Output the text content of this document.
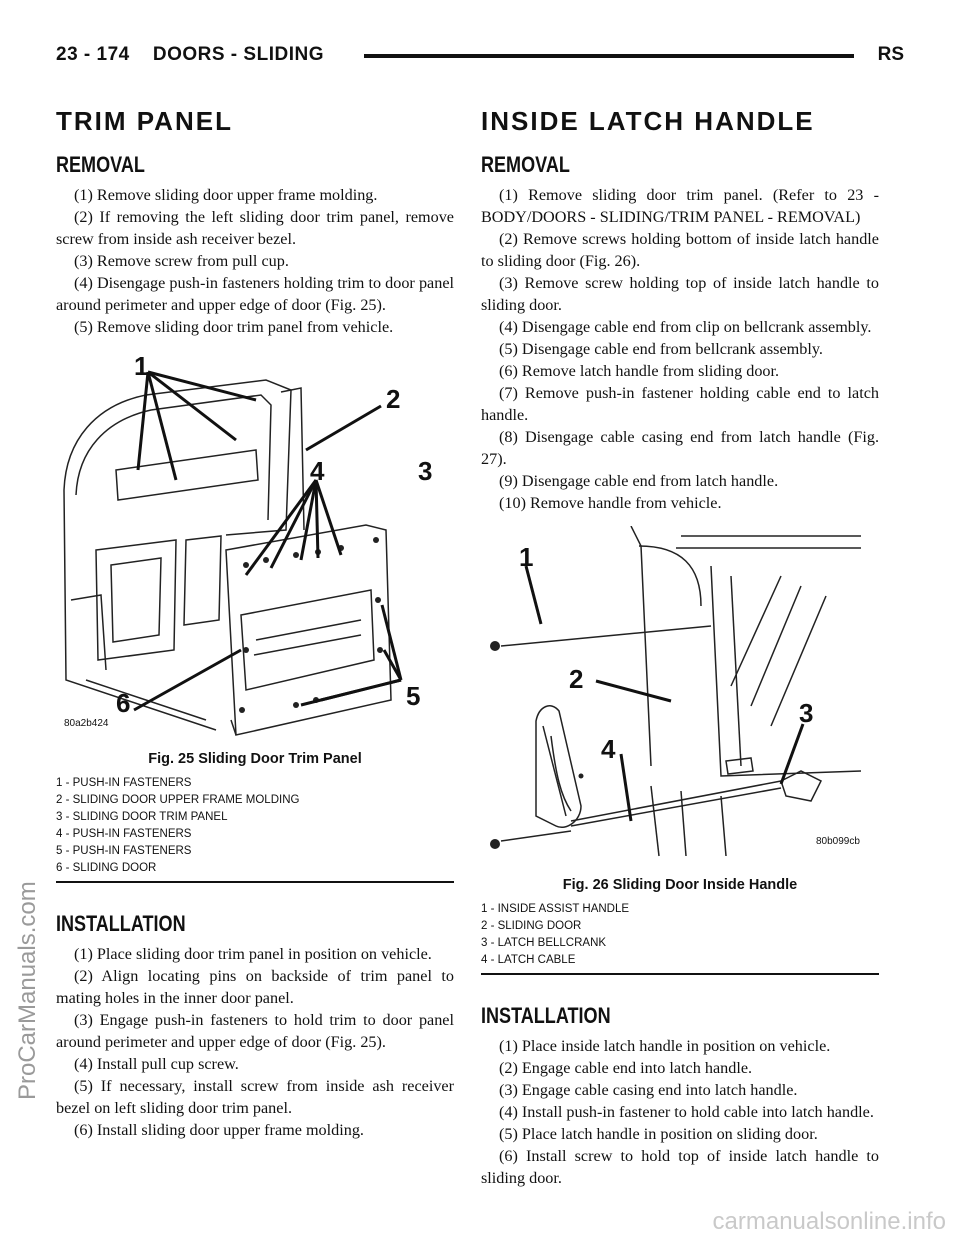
23 - 174 DOORS - SLIDING	RS
TRIM PANEL
REMOVAL

(1) Remove sliding door upper frame molding.

(2) If removing the left sliding door trim panel, remove screw from inside ash receiver bezel.

(3) Remove screw from pull cup.

(4) Disengage push-in fasteners holding trim to door panel around perimeter and upper edge of door (Fig. 25).

(5) Remove sliding door trim panel from vehicle.

1
2
3
4
5
6
80a2b424
Fig. 25 Sliding Door Trim Panel
1 - PUSH-IN FASTENERS
2 - SLIDING DOOR UPPER FRAME MOLDING
3 - SLIDING DOOR TRIM PANEL
4 - PUSH-IN FASTENERS
5 - PUSH-IN FASTENERS
6 - SLIDING DOOR
INSTALLATION

(1) Place sliding door trim panel in position on vehicle.

(2) Align locating pins on backside of trim panel to mating holes in the inner door panel.

(3) Engage push-in fasteners to hold trim to door panel around perimeter and upper edge of door (Fig. 25).

(4) Install pull cup screw.

(5) If necessary, install screw from inside ash receiver bezel on left sliding door trim panel.

(6) Install sliding door upper frame molding.

INSIDE LATCH HANDLE
REMOVAL

(1) Remove sliding door trim panel. (Refer to 23 - BODY/DOORS - SLIDING/TRIM PANEL - REMOVAL)

(2) Remove screws holding bottom of inside latch handle to sliding door (Fig. 26).

(3) Remove screw holding top of inside latch handle to sliding door.

(4) Disengage cable end from clip on bellcrank assembly.

(5) Disengage cable end from bellcrank assembly.

(6) Remove latch handle from sliding door.

(7) Remove push-in fastener holding cable end to latch handle.

(8) Disengage cable casing end from latch handle (Fig. 27).

(9) Disengage cable end from latch handle.

(10) Remove handle from vehicle.

1
2
3
4
80b099cb
Fig. 26 Sliding Door Inside Handle
1 - INSIDE ASSIST HANDLE
2 - SLIDING DOOR
3 - LATCH BELLCRANK
4 - LATCH CABLE
INSTALLATION

(1) Place inside latch handle in position on vehicle.

(2) Engage cable end into latch handle.

(3) Engage cable casing end into latch handle.

(4) Install push-in fastener to hold cable into latch handle.

(5) Place latch handle in position on sliding door.

(6) Install screw to hold top of inside latch handle to sliding door.

ProCarManuals.com
carmanualsonline.info
